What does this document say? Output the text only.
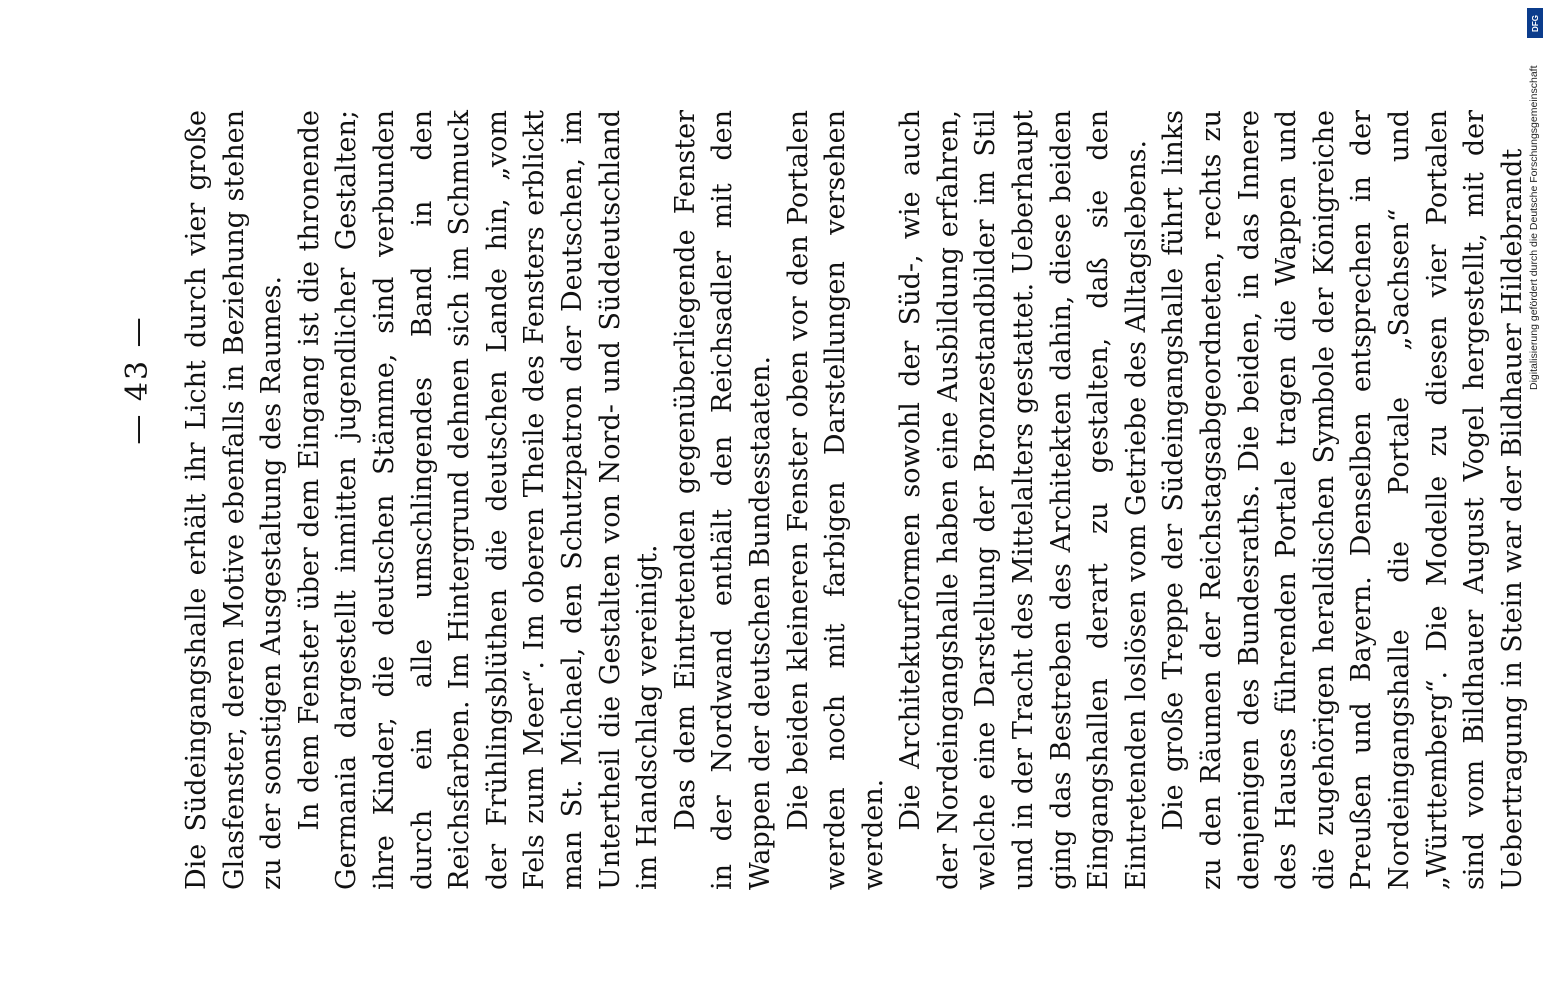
— 43 — Die Südeingangshalle erhält ihr Licht durch vier große Glasfenster, deren Motive ebenfalls in Beziehung stehen zu der sonstigen Ausgestaltung des Raumes. In dem Fenster über dem Eingang ist die thronende Germania dargestellt inmitten jugendlicher Gestalten; ihre Kinder, die deutschen Stämme, sind verbunden durch ein alle umschlingendes Band in den Reichsfarben. Im Hintergrund dehnen sich im Schmuck der Frühlingsblüthen die deutschen Lande hin, „vom Fels zum Meer“. Im oberen Theile des Fensters erblickt man St. Michael, den Schutzpatron der Deutschen, im Untertheil die Gestalten von Nord- und Süddeutschland im Handschlag vereinigt. Das dem Eintretenden gegenüberliegende Fenster in der Nordwand enthält den Reichsadler mit den Wappen der deutschen Bundesstaaten. Die beiden kleineren Fenster oben vor den Portalen werden noch mit farbigen Darstellungen versehen werden.

Die Architekturformen sowohl der Süd-, wie auch der Nordeingangshalle haben eine Ausbildung erfahren, welche eine Darstellung der Bronzestandbilder im Stil und in der Tracht des Mittelalters gestattet. Ueberhaupt ging das Bestreben des Architekten dahin, diese beiden Eingangshallen derart zu gestalten, daß sie den Eintretenden loslösen vom Getriebe des Alltagslebens. Die große Treppe der Südeingangshalle führt links zu den Räumen der Reichstagsabgeordneten, rechts zu denjenigen des Bundesraths. Die beiden, in das Innere des Hauses führenden Portale tragen die Wappen und die zugehörigen heraldischen Symbole der Königreiche Preußen und Bayern. Denselben entsprechen in der Nordeingangshalle die Portale „Sachsen“ und „Württemberg“. Die Modelle zu diesen vier Portalen sind vom Bildhauer August Vogel hergestellt, mit der Uebertragung in Stein war der Bildhauer Hildebrandt

DFG
Digitalisierung gefördert durch die Deutsche Forschungsgemeinschaft
